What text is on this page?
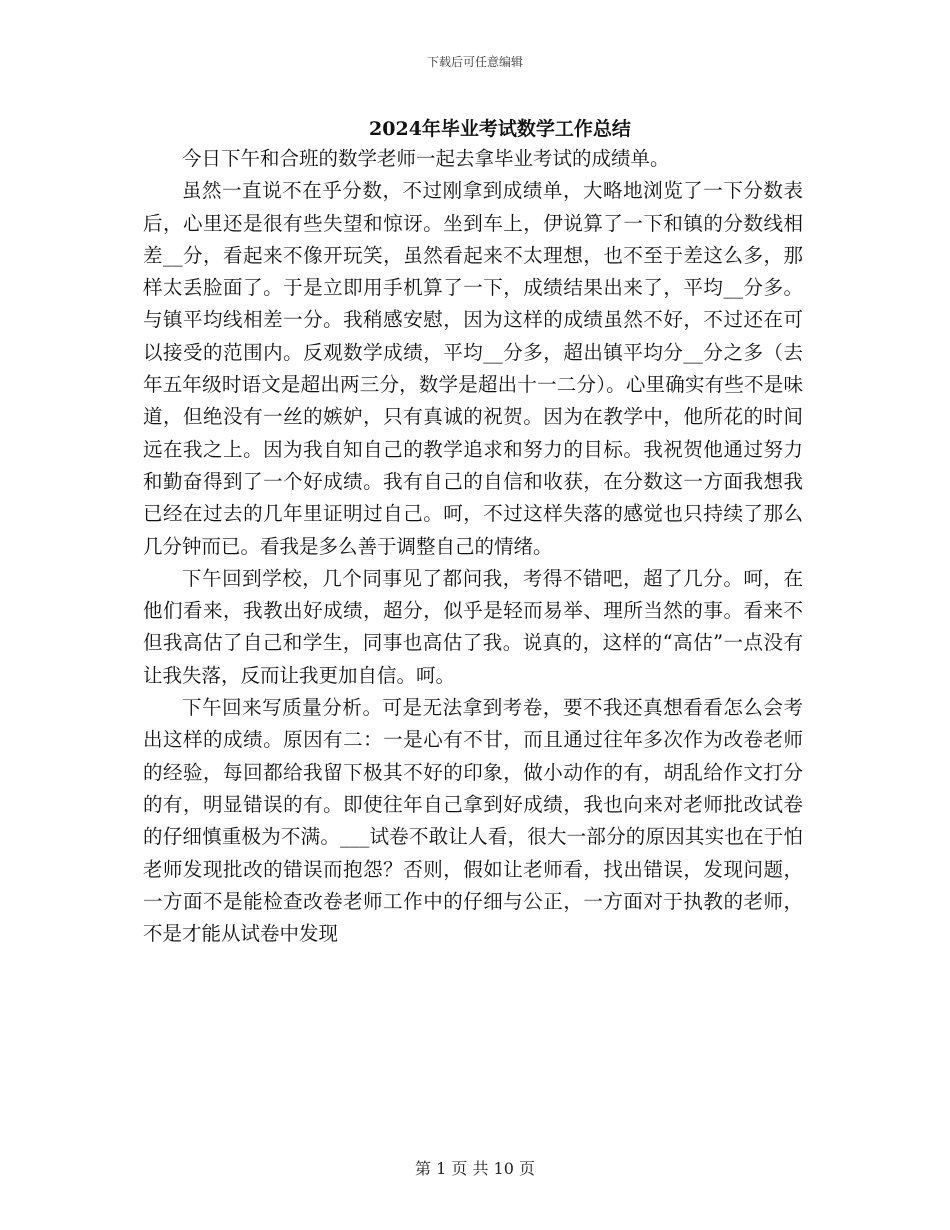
下载后可任意编辑
2024年毕业考试数学工作总结

今日下午和合班的数学老师一起去拿毕业考试的成绩单。

虽然一直说不在乎分数，不过刚拿到成绩单，大略地浏览了一下分数表后，心里还是很有些失望和惊讶。坐到车上，伊说算了一下和镇的分数线相差__分，看起来不像开玩笑，虽然看起来不太理想，也不至于差这么多，那样太丢脸面了。于是立即用手机算了一下，成绩结果出来了，平均__分多。与镇平均线相差一分。我稍感安慰，因为这样的成绩虽然不好，不过还在可以接受的范围内。反观数学成绩，平均__分多，超出镇平均分__分之多（去年五年级时语文是超出两三分，数学是超出十一二分）。心里确实有些不是味道，但绝没有一丝的嫉妒，只有真诚的祝贺。因为在教学中，他所花的时间远在我之上。因为我自知自己的教学追求和努力的目标。我祝贺他通过努力和勤奋得到了一个好成绩。我有自己的自信和收获，在分数这一方面我想我已经在过去的几年里证明过自己。呵，不过这样失落的感觉也只持续了那么几分钟而已。看我是多么善于调整自己的情绪。

下午回到学校，几个同事见了都问我，考得不错吧，超了几分。呵，在他们看来，我教出好成绩，超分，似乎是轻而易举、理所当然的事。看来不但我高估了自己和学生，同事也高估了我。说真的，这样的“高估”一点没有让我失落，反而让我更加自信。呵。

下午回来写质量分析。可是无法拿到考卷，要不我还真想看看怎么会考出这样的成绩。原因有二：一是心有不甘，而且通过往年多次作为改卷老师的经验，每回都给我留下极其不好的印象，做小动作的有，胡乱给作文打分的有，明显错误的有。即使往年自己拿到好成绩，我也向来对老师批改试卷的仔细慎重极为不满。___试卷不敢让人看，很大一部分的原因其实也在于怕老师发现批改的错误而抱怨？否则，假如让老师看，找出错误，发现问题，一方面不是能检查改卷老师工作中的仔细与公正，一方面对于执教的老师，不是才能从试卷中发现

第 1 页 共 10 页
